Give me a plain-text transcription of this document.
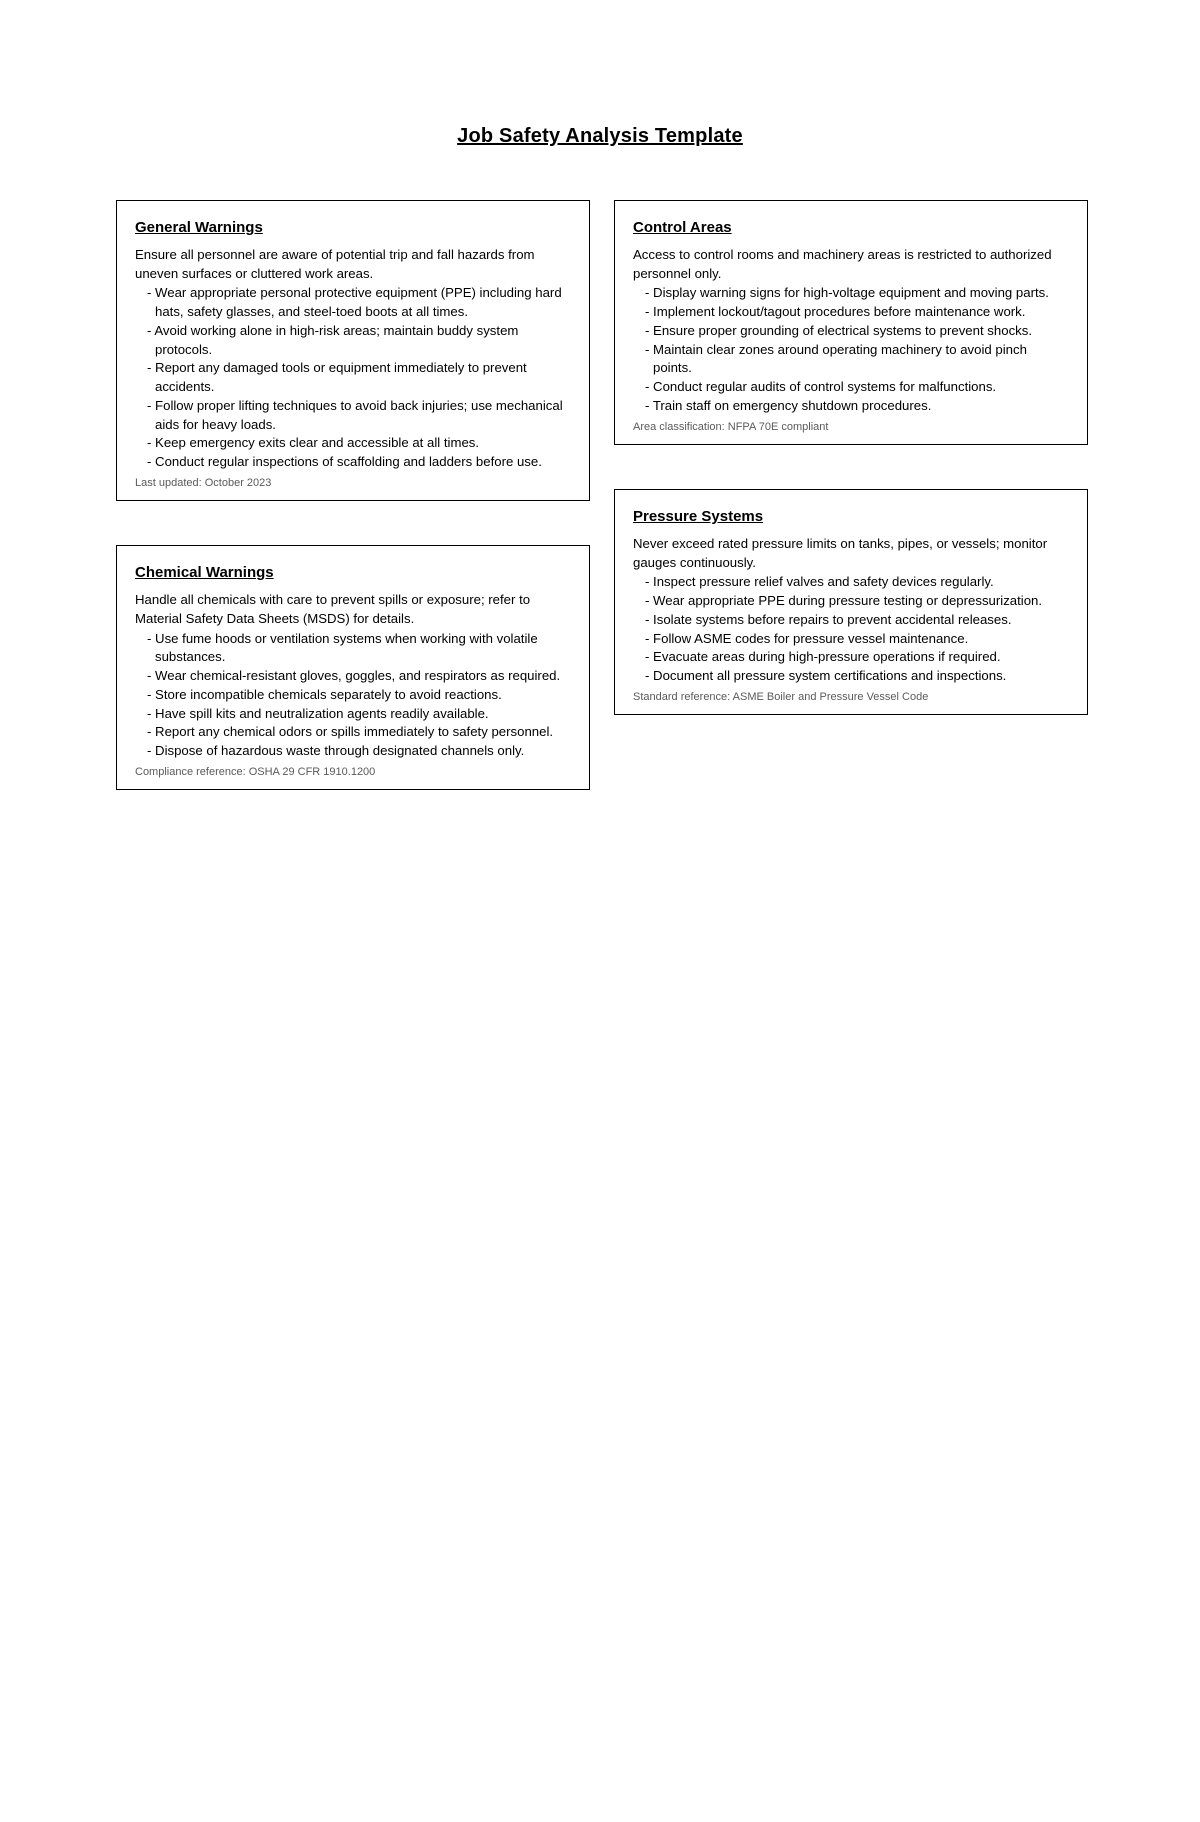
Job Safety Analysis Template
General Warnings

Ensure all personnel are aware of potential trip and fall hazards from uneven surfaces or cluttered work areas.

- Wear appropriate personal protective equipment (PPE) including hard hats, safety glasses, and steel-toed boots at all times.
- Avoid working alone in high-risk areas; maintain buddy system protocols.
- Report any damaged tools or equipment immediately to prevent accidents.
- Follow proper lifting techniques to avoid back injuries; use mechanical aids for heavy loads.
- Keep emergency exits clear and accessible at all times.
- Conduct regular inspections of scaffolding and ladders before use.
Last updated: October 2023
Chemical Warnings

Handle all chemicals with care to prevent spills or exposure; refer to Material Safety Data Sheets (MSDS) for details.

- Use fume hoods or ventilation systems when working with volatile substances.
- Wear chemical-resistant gloves, goggles, and respirators as required.
- Store incompatible chemicals separately to avoid reactions.
- Have spill kits and neutralization agents readily available.
- Report any chemical odors or spills immediately to safety personnel.
- Dispose of hazardous waste through designated channels only.
Compliance reference: OSHA 29 CFR 1910.1200
Control Areas

Access to control rooms and machinery areas is restricted to authorized personnel only.

- Display warning signs for high-voltage equipment and moving parts.
- Implement lockout/tagout procedures before maintenance work.
- Ensure proper grounding of electrical systems to prevent shocks.
- Maintain clear zones around operating machinery to avoid pinch points.
- Conduct regular audits of control systems for malfunctions.
- Train staff on emergency shutdown procedures.
Area classification: NFPA 70E compliant
Pressure Systems

Never exceed rated pressure limits on tanks, pipes, or vessels; monitor gauges continuously.

- Inspect pressure relief valves and safety devices regularly.
- Wear appropriate PPE during pressure testing or depressurization.
- Isolate systems before repairs to prevent accidental releases.
- Follow ASME codes for pressure vessel maintenance.
- Evacuate areas during high-pressure operations if required.
- Document all pressure system certifications and inspections.
Standard reference: ASME Boiler and Pressure Vessel Code
